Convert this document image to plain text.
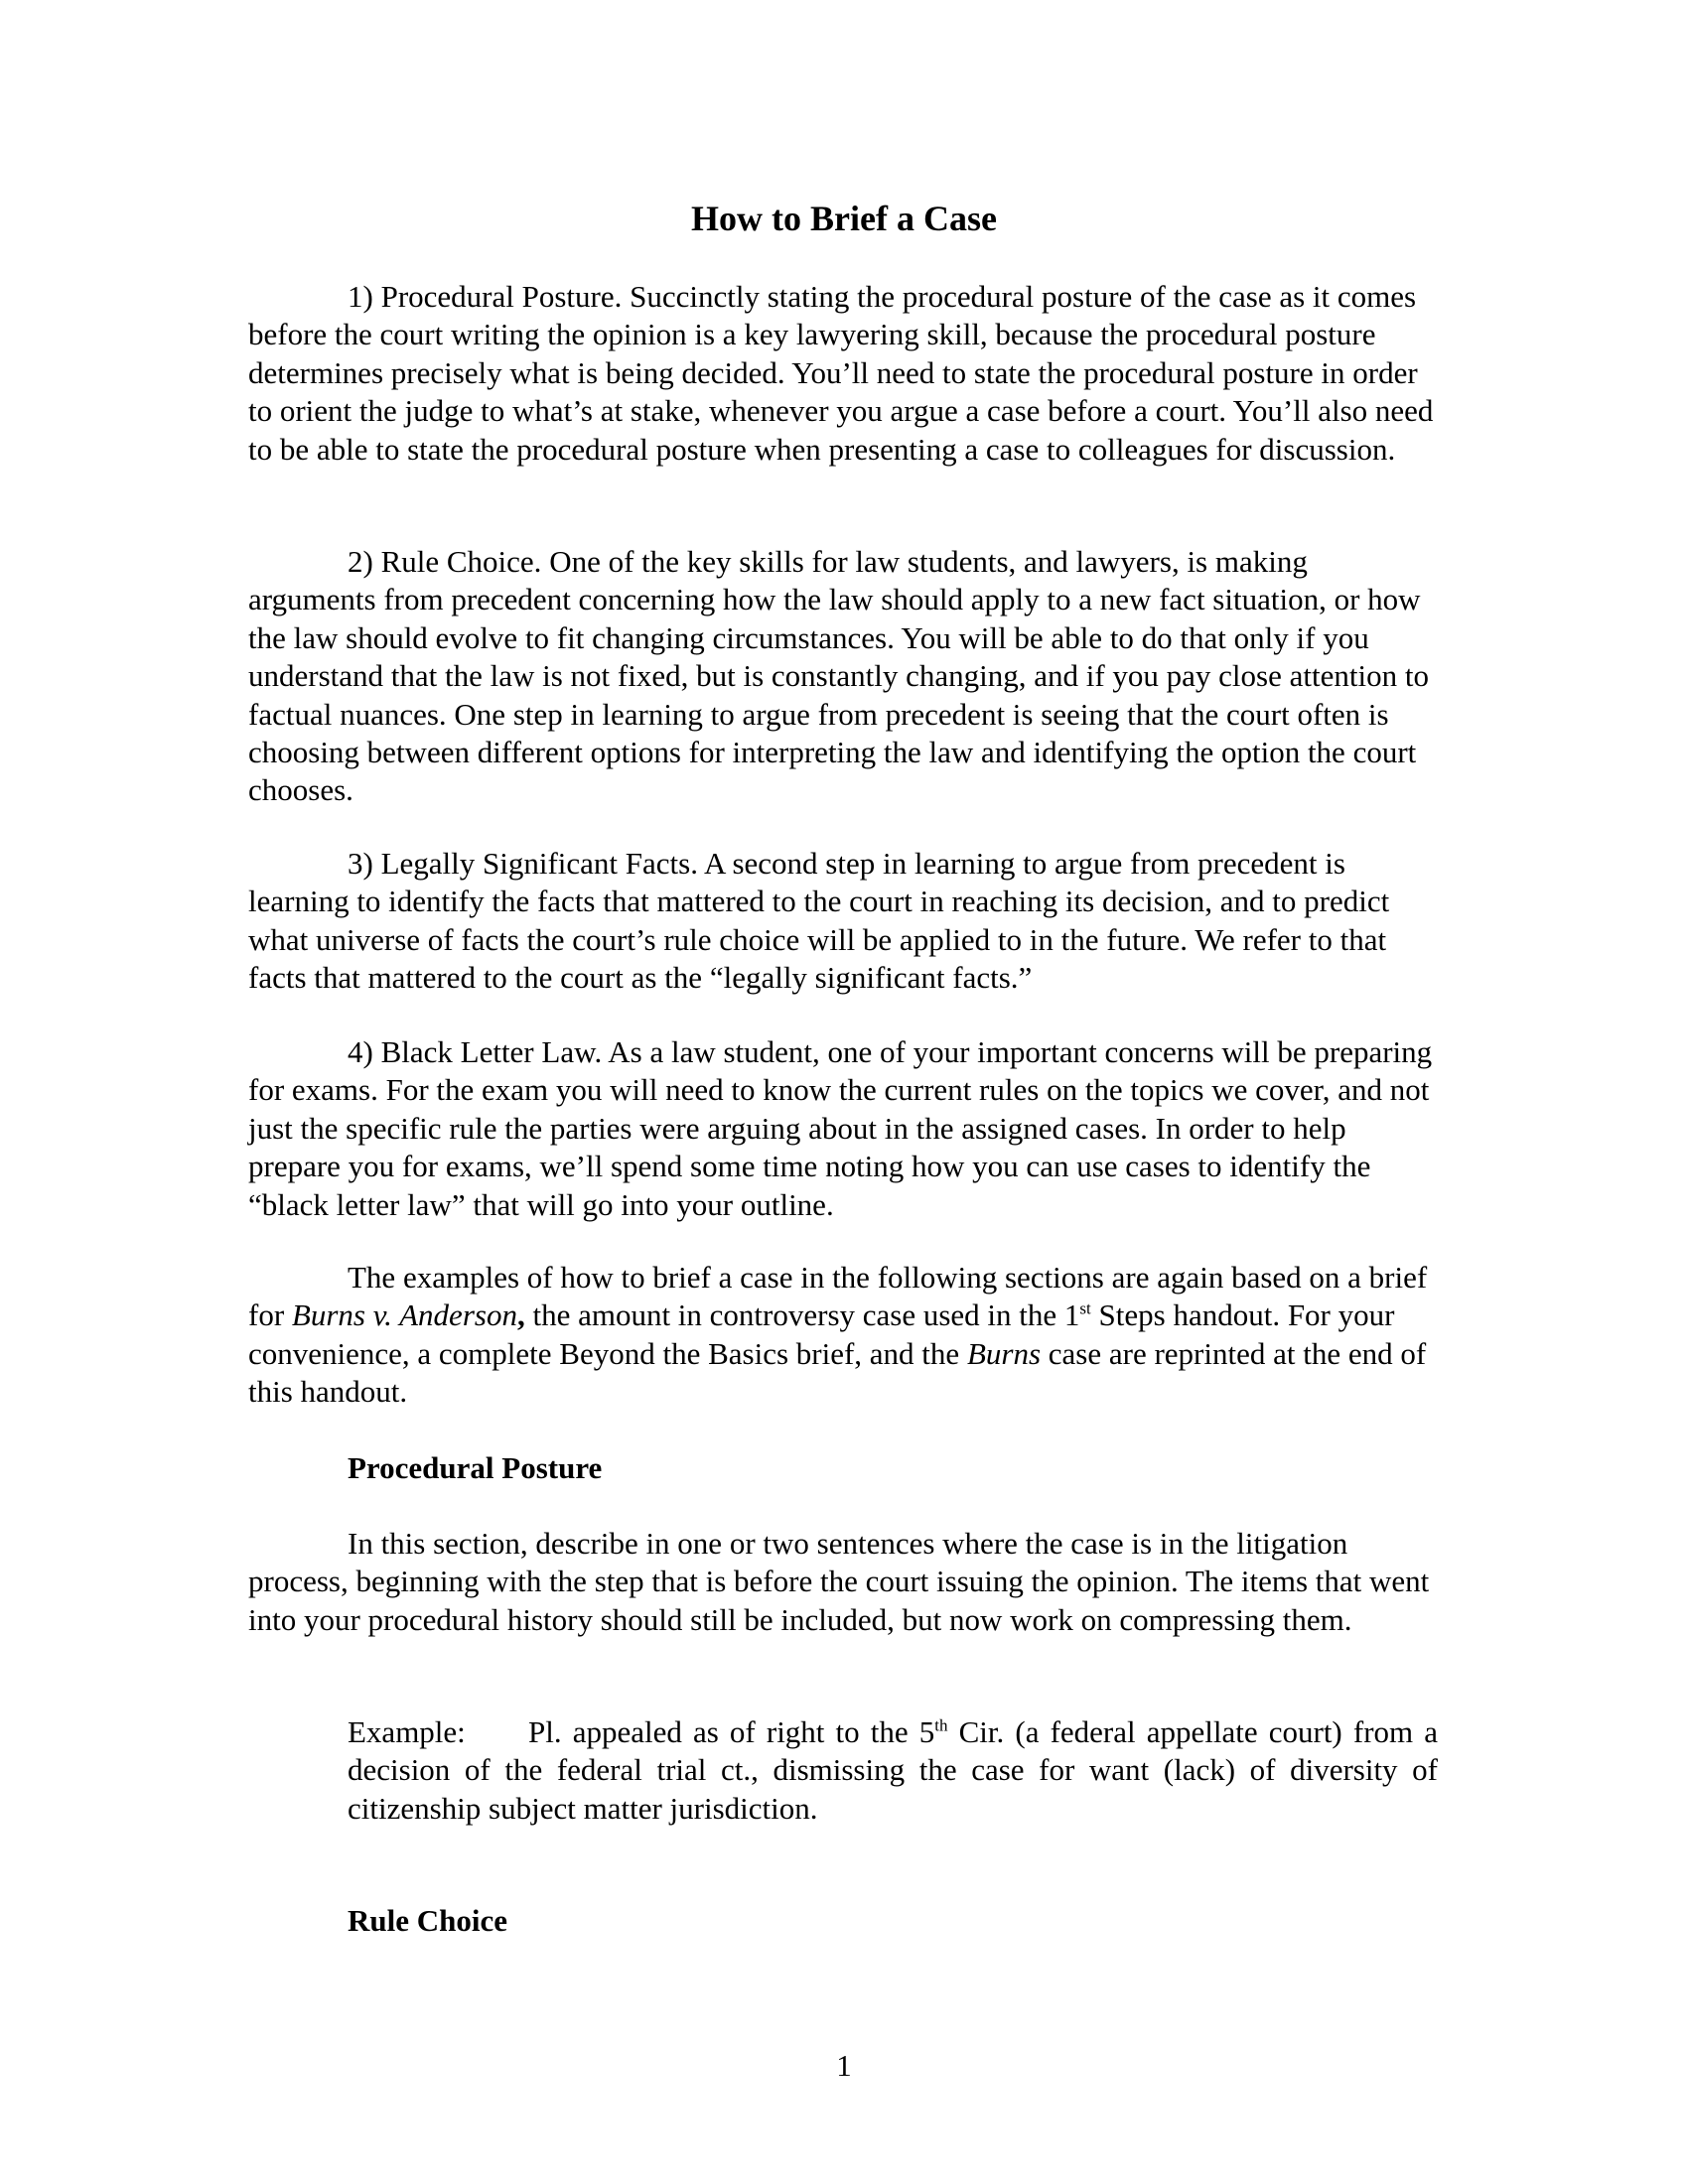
How to Brief a Case

1) Procedural Posture. Succinctly stating the procedural posture of the case as it comes before the court writing the opinion is a key lawyering skill, because the procedural posture determines precisely what is being decided. You’ll need to state the procedural posture in order to orient the judge to what’s at stake, whenever you argue a case before a court. You’ll also need to be able to state the procedural posture when presenting a case to colleagues for discussion.

2) Rule Choice. One of the key skills for law students, and lawyers, is making arguments from precedent concerning how the law should apply to a new fact situation, or how the law should evolve to fit changing circumstances. You will be able to do that only if you understand that the law is not fixed, but is constantly changing, and if you pay close attention to factual nuances. One step in learning to argue from precedent is seeing that the court often is choosing between different options for interpreting the law and identifying the option the court chooses.

3) Legally Significant Facts. A second step in learning to argue from precedent is learning to identify the facts that mattered to the court in reaching its decision, and to predict what universe of facts the court’s rule choice will be applied to in the future. We refer to that facts that mattered to the court as the “legally significant facts.”

4) Black Letter Law. As a law student, one of your important concerns will be preparing for exams. For the exam you will need to know the current rules on the topics we cover, and not just the specific rule the parties were arguing about in the assigned cases. In order to help prepare you for exams, we’ll spend some time noting how you can use cases to identify the “black letter law” that will go into your outline.

The examples of how to brief a case in the following sections are again based on a brief for Burns v. Anderson, the amount in controversy case used in the 1st Steps handout. For your convenience, a complete Beyond the Basics brief, and the Burns case are reprinted at the end of this handout.

Procedural Posture

In this section, describe in one or two sentences where the case is in the litigation process, beginning with the step that is before the court issuing the opinion. The items that went into your procedural history should still be included, but now work on compressing them.

Example: Pl. appealed as of right to the 5th Cir. (a federal appellate court) from a decision of the federal trial ct., dismissing the case for want (lack) of diversity of citizenship subject matter jurisdiction.

Rule Choice

1
